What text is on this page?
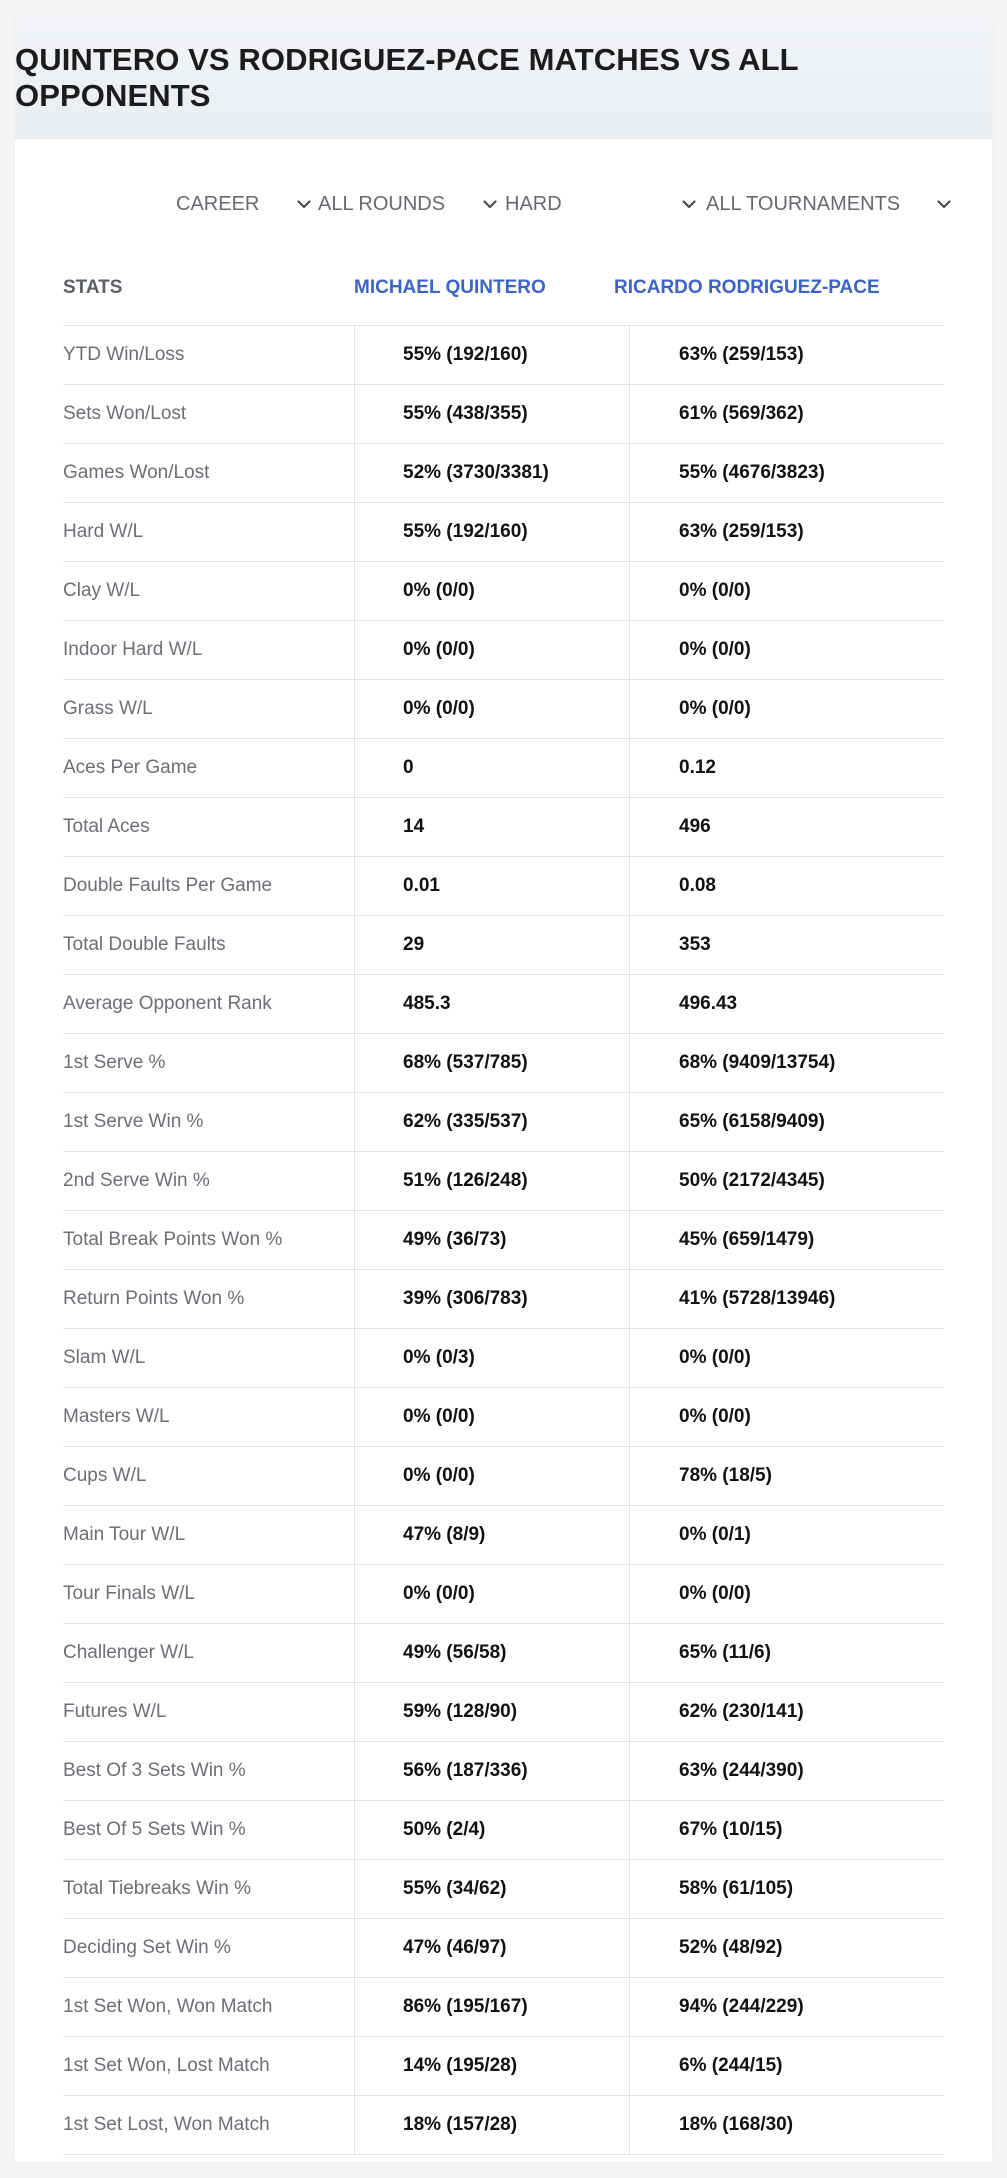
QUINTERO VS RODRIGUEZ-PACE MATCHES VS ALL OPPONENTS
CAREER	ALL ROUNDS	HARD	ALL TOURNAMENTS
STATS	MICHAEL QUINTERO	RICARDO RODRIGUEZ-PACE
YTD Win/Loss	55% (192/160)	63% (259/153)
Sets Won/Lost	55% (438/355)	61% (569/362)
Games Won/Lost	52% (3730/3381)	55% (4676/3823)
Hard W/L	55% (192/160)	63% (259/153)
Clay W/L	0% (0/0)	0% (0/0)
Indoor Hard W/L	0% (0/0)	0% (0/0)
Grass W/L	0% (0/0)	0% (0/0)
Aces Per Game	0	0.12
Total Aces	14	496
Double Faults Per Game	0.01	0.08
Total Double Faults	29	353
Average Opponent Rank	485.3	496.43
1st Serve %	68% (537/785)	68% (9409/13754)
1st Serve Win %	62% (335/537)	65% (6158/9409)
2nd Serve Win %	51% (126/248)	50% (2172/4345)
Total Break Points Won %	49% (36/73)	45% (659/1479)
Return Points Won %	39% (306/783)	41% (5728/13946)
Slam W/L	0% (0/3)	0% (0/0)
Masters W/L	0% (0/0)	0% (0/0)
Cups W/L	0% (0/0)	78% (18/5)
Main Tour W/L	47% (8/9)	0% (0/1)
Tour Finals W/L	0% (0/0)	0% (0/0)
Challenger W/L	49% (56/58)	65% (11/6)
Futures W/L	59% (128/90)	62% (230/141)
Best Of 3 Sets Win %	56% (187/336)	63% (244/390)
Best Of 5 Sets Win %	50% (2/4)	67% (10/15)
Total Tiebreaks Win %	55% (34/62)	58% (61/105)
Deciding Set Win %	47% (46/97)	52% (48/92)
1st Set Won, Won Match	86% (195/167)	94% (244/229)
1st Set Won, Lost Match	14% (195/28)	6% (244/15)
1st Set Lost, Won Match	18% (157/28)	18% (168/30)
